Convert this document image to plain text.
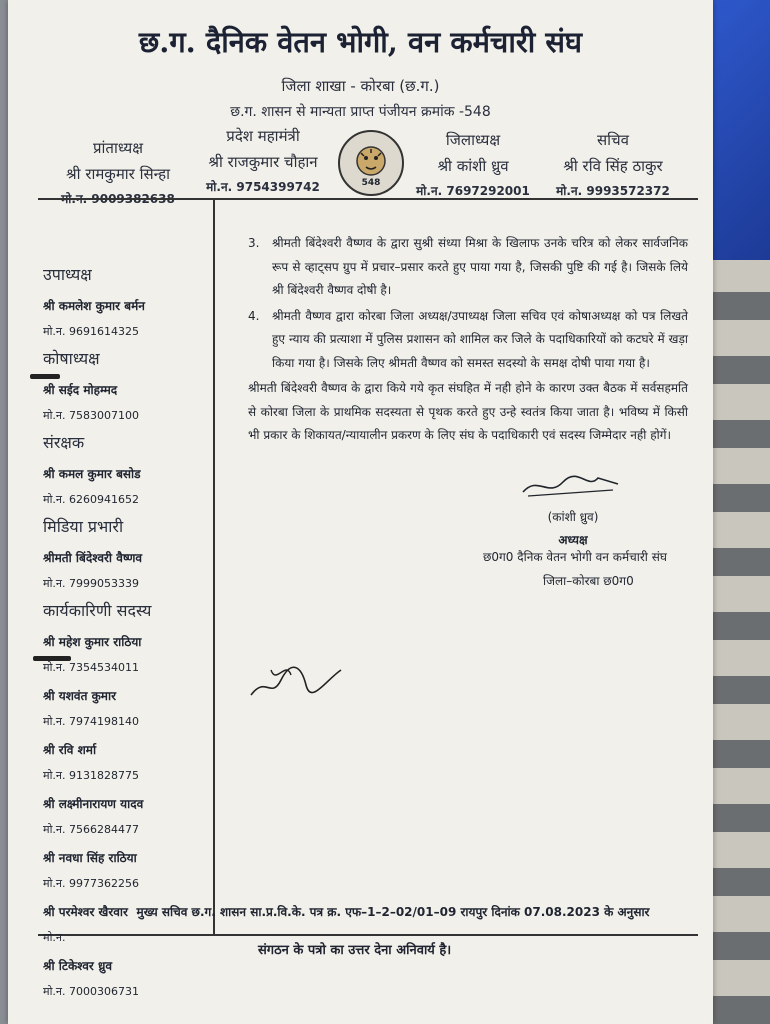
छ.ग. दैनिक वेतन भोगी, वन कर्मचारी संघ
जिला शाखा - कोरबा (छ.ग.)
छ.ग. शासन से मान्यता प्राप्त पंजीयन क्रमांक -548
प्रांताध्यक्ष
श्री रामकुमार सिन्हा
प्रदेश महामंत्री
श्री राजकुमार चौहान
मो.न. 9754399742	548
जिलाध्यक्ष
श्री कांशी ध्रुव
मो.न. 7697292001
सचिव
श्री रवि सिंह ठाकुर
मो.न. 9993572372
उपाध्यक्ष
श्री कमलेश कुमार बर्मन
मो.न. 9691614325
कोषाध्यक्ष
श्री सईद मोहम्मद
मो.न. 7583007100
संरक्षक
श्री कमल कुमार बसोड
मो.न. 6260941652
मिडिया प्रभारी
श्रीमती बिंदेश्वरी वैष्णव
मो.न. 7999053339
कार्यकारिणी सदस्य
श्री महेश कुमार राठिया
मो.न. 7354534011
श्री यशवंत कुमार
मो.न. 7974198140
श्री रवि शर्मा
मो.न. 9131828775
श्री लक्ष्मीनारायण यादव
मो.न. 7566284477
श्री नवधा सिंह राठिया
मो.न. 9977362256
श्री परमेश्वर खैरवार
मो.न.
श्री टिकेश्वर ध्रुव
मो.न. 7000306731
3.	श्रीमती बिंदेश्वरी वैष्णव के द्वारा सुश्री संध्या मिश्रा के खिलाफ उनके चरित्र को लेकर सार्वजनिक रूप से व्हाट्सप ग्रुप में प्रचार–प्रसार करते हुए पाया गया है, जिसकी पुष्टि की गई है। जिसके लिये श्री बिंदेश्वरी वैष्णव दोषी है।
4.	श्रीमती वैष्णव द्वारा कोरबा जिला अध्यक्ष/उपाध्यक्ष जिला सचिव एवं कोषाअध्यक्ष को पत्र लिखते हुए न्याय की प्रत्याशा में पुलिस प्रशासन को शामिल कर जिले के पदाधिकारियों को कटघरे में खड़ा किया गया है। जिसके लिए श्रीमती वैष्णव को समस्त सदस्यो के समक्ष दोषी पाया गया है।
श्रीमती बिंदेश्वरी वैष्णव के द्वारा किये गये कृत संघहित में नही होने के कारण उक्त बैठक में सर्वसहमति से कोरबा जिला के प्राथमिक सदस्यता से पृथक करते हुए उन्हे स्वतंत्र किया जाता है। भविष्य में किसी भी प्रकार के शिकायत/न्यायालीन प्रकरण के लिए संघ के पदाधिकारी एवं सदस्य जिम्मेदार नही होगें।
(कांशी ध्रुव)
अध्यक्ष
छ0ग0 दैनिक वेतन भोगी वन कर्मचारी संघ
जिला–कोरबा छ0ग0
मुख्य सचिव छ.ग. शासन सा.प्र.वि.के. पत्र क्र. एफ–1–2–02/01–09 रायपुर दिनांक 07.08.2023 के अनुसार
संगठन के पत्रो का उत्तर देना अनिवार्य है।
